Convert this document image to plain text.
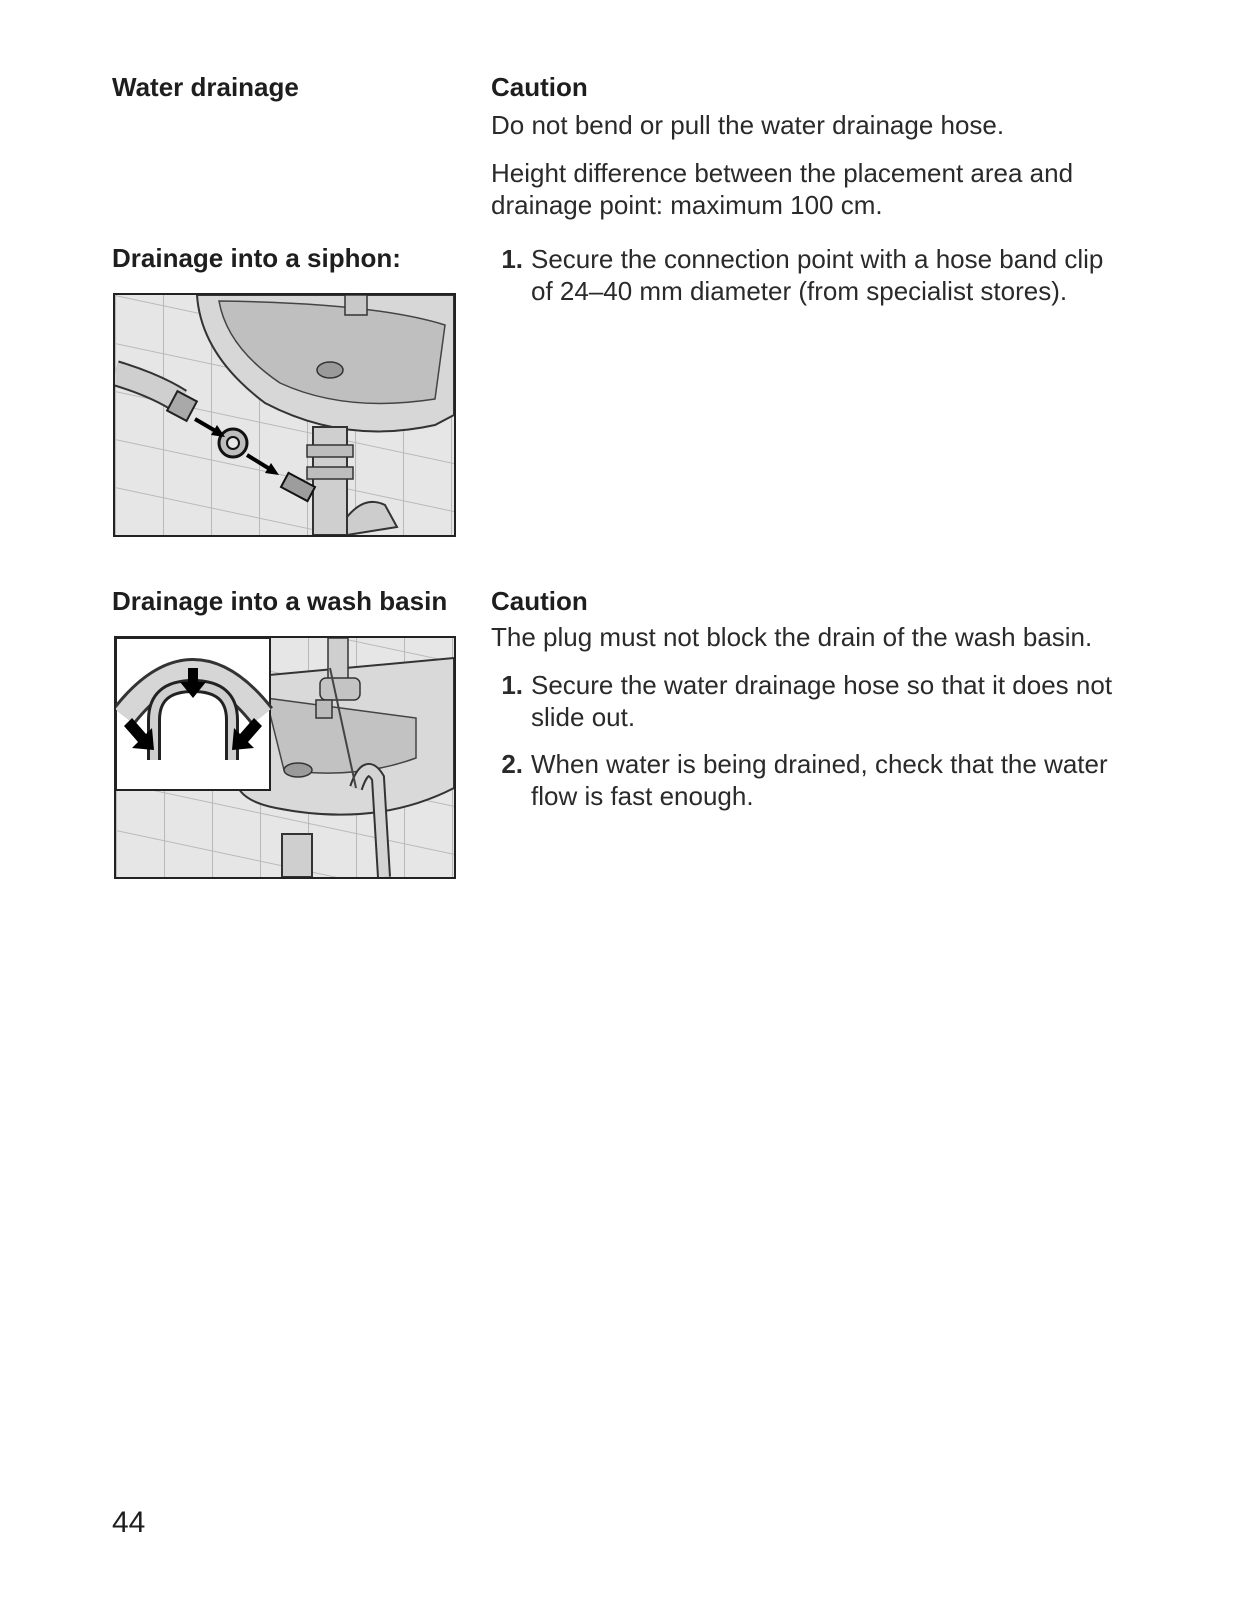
Water drainage	Caution
Do not bend or pull the water drainage hose.
Height difference between the placement area and drainage point: maximum 100 cm.
Drainage into a siphon:	1. Secure the connection point with a hose band clip of 24–40 mm diameter (from specialist stores).
Drainage into a wash basin Caution
The plug must not block the drain of the wash basin.
1. Secure the water drainage hose so that it does not slide out.
2. When water is being drained, check that the water flow is fast enough.
44
